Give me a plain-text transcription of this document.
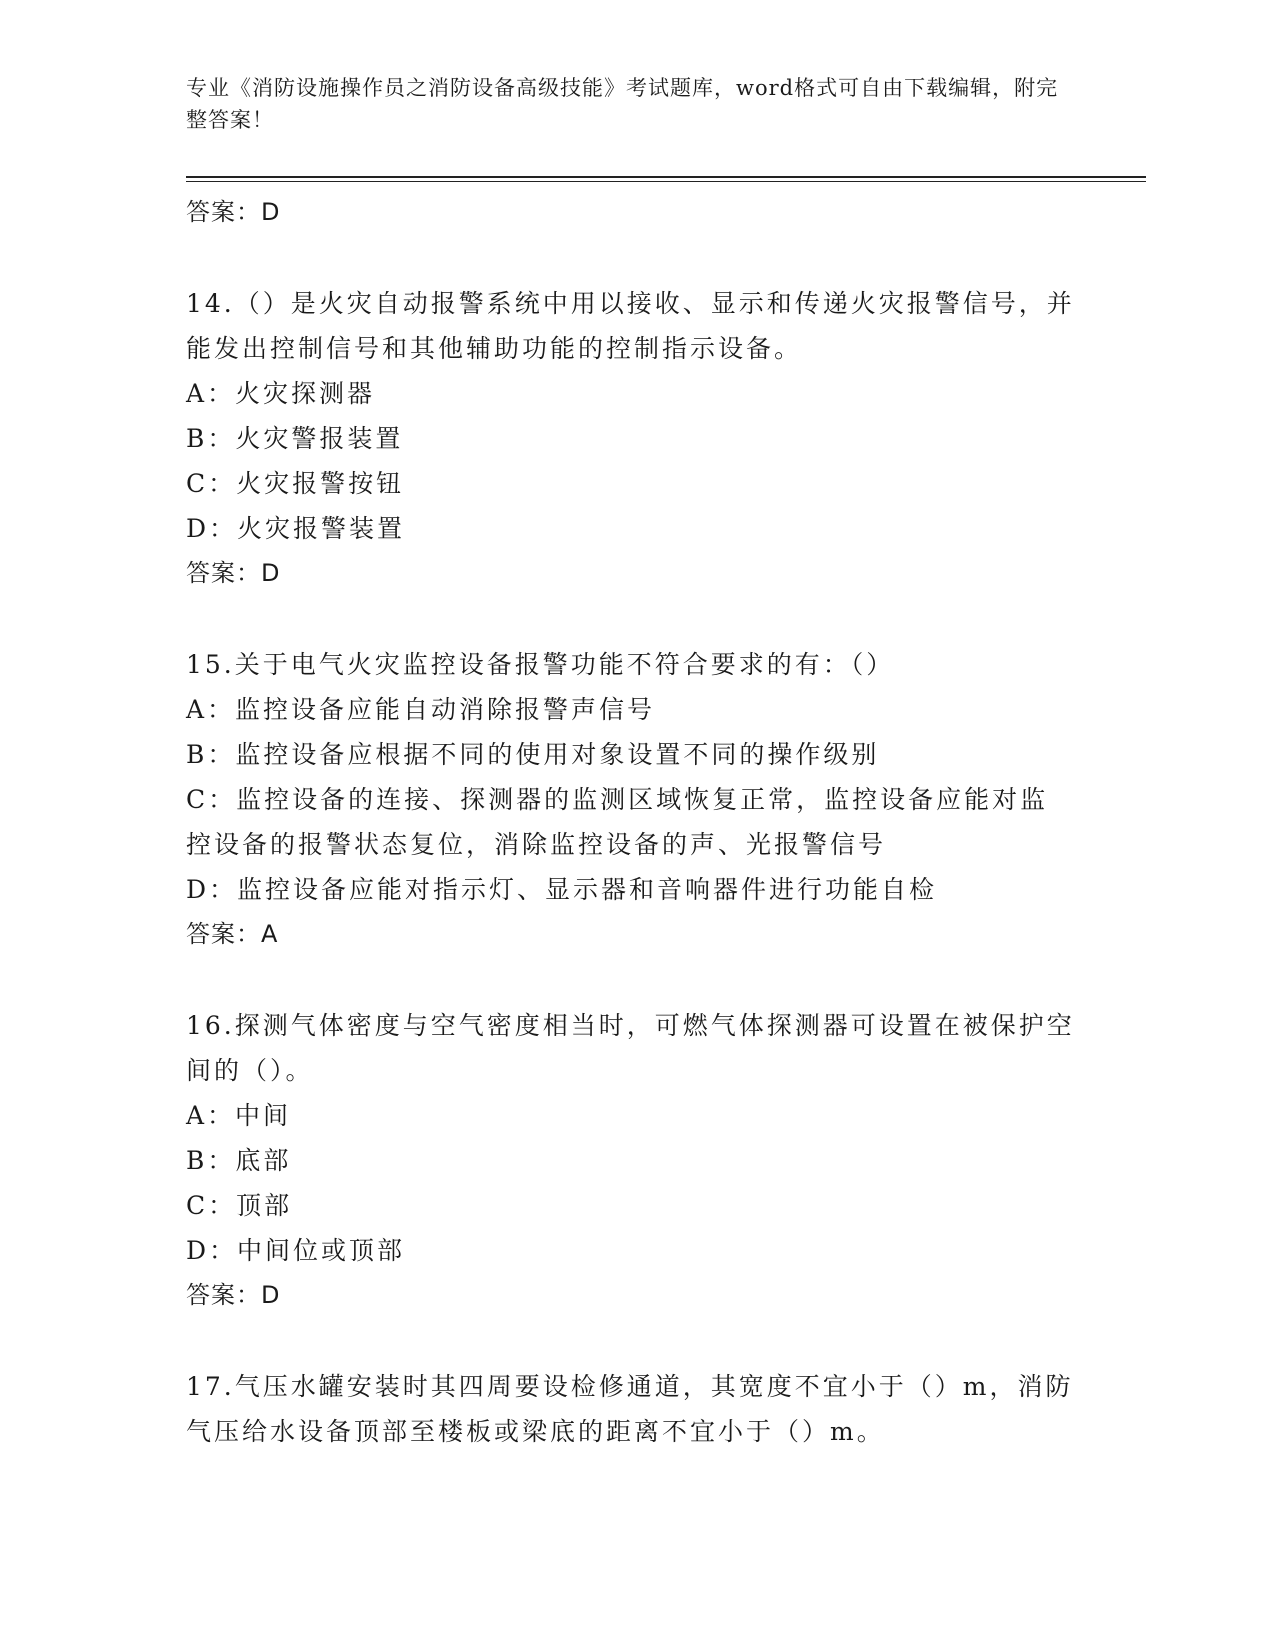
专业《消防设施操作员之消防设备高级技能》考试题库，word格式可自由下载编辑，附完整答案！
答案：D
14.（）是火灾自动报警系统中用以接收、显示和传递火灾报警信号，并能发出控制信号和其他辅助功能的控制指示设备。
A：火灾探测器
B：火灾警报装置
C：火灾报警按钮
D：火灾报警装置
答案：D
15.关于电气火灾监控设备报警功能不符合要求的有：（）
A：监控设备应能自动消除报警声信号
B：监控设备应根据不同的使用对象设置不同的操作级别
C：监控设备的连接、探测器的监测区域恢复正常，监控设备应能对监控设备的报警状态复位，消除监控设备的声、光报警信号
D：监控设备应能对指示灯、显示器和音响器件进行功能自检
答案：A
16.探测气体密度与空气密度相当时，可燃气体探测器可设置在被保护空间的（）。
A：中间
B：底部
C：顶部
D：中间位或顶部
答案：D
17.气压水罐安装时其四周要设检修通道，其宽度不宜小于（）m，消防气压给水设备顶部至楼板或梁底的距离不宜小于（）m。
